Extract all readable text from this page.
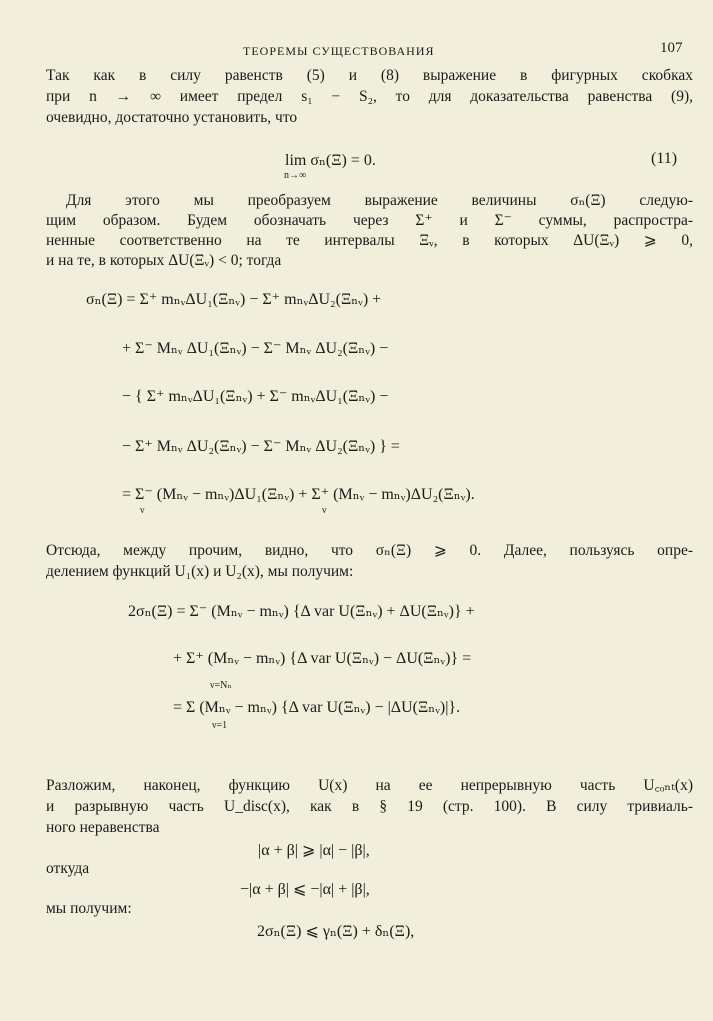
ТЕОРЕМЫ СУЩЕСТВОВАНИЯ	107
Так как в силу равенств (5) и (8) выражение в фигурных скобках
при n → ∞ имеет предел s₁ − S₂, то для доказательства равенства (9),
очевидно, достаточно установить, что
lim σₙ(Ξ) = 0.
n→∞
(11)
Для этого мы преобразуем выражение величины σₙ(Ξ) следую-
щим образом. Будем обозначать через Σ⁺ и Σ⁻ суммы, распростра-
ненные соответственно на те интервалы Ξᵥ, в которых ΔU(Ξᵥ) ⩾ 0,
и на те, в которых ΔU(Ξᵥ) < 0; тогда
σₙ(Ξ) = Σ⁺ mₙᵥΔU₁(Ξₙᵥ) − Σ⁺ mₙᵥΔU₂(Ξₙᵥ) +
+ Σ⁻ Mₙᵥ ΔU₁(Ξₙᵥ) − Σ⁻ Mₙᵥ ΔU₂(Ξₙᵥ) −
− { Σ⁺ mₙᵥΔU₁(Ξₙᵥ) + Σ⁻ mₙᵥΔU₁(Ξₙᵥ) −
− Σ⁺ Mₙᵥ ΔU₂(Ξₙᵥ) − Σ⁻ Mₙᵥ ΔU₂(Ξₙᵥ) } =
= Σ⁻ (Mₙᵥ − mₙᵥ)ΔU₁(Ξₙᵥ) + Σ⁺ (Mₙᵥ − mₙᵥ)ΔU₂(Ξₙᵥ).
ν	ν
Отсюда, между прочим, видно, что σₙ(Ξ) ⩾ 0. Далее, пользуясь опре-
делением функций U₁(x) и U₂(x), мы получим:
2σₙ(Ξ) = Σ⁻ (Mₙᵥ − mₙᵥ) {Δ var U(Ξₙᵥ) + ΔU(Ξₙᵥ)} +
+ Σ⁺ (Mₙᵥ − mₙᵥ) {Δ var U(Ξₙᵥ) − ΔU(Ξₙᵥ)} =
ν=Nₙ
= Σ (Mₙᵥ − mₙᵥ) {Δ var U(Ξₙᵥ) − |ΔU(Ξₙᵥ)|}.
ν=1
Разложим, наконец, функцию U(x) на ее непрерывную часть U꜀ₒₙₜ(x)
и разрывную часть U_disc(x), как в § 19 (стр. 100). В силу тривиаль-
ного неравенства
|α + β| ⩾ |α| − |β|,
откуда
−|α + β| ⩽ −|α| + |β|,
мы получим:
2σₙ(Ξ) ⩽ γₙ(Ξ) + δₙ(Ξ),
